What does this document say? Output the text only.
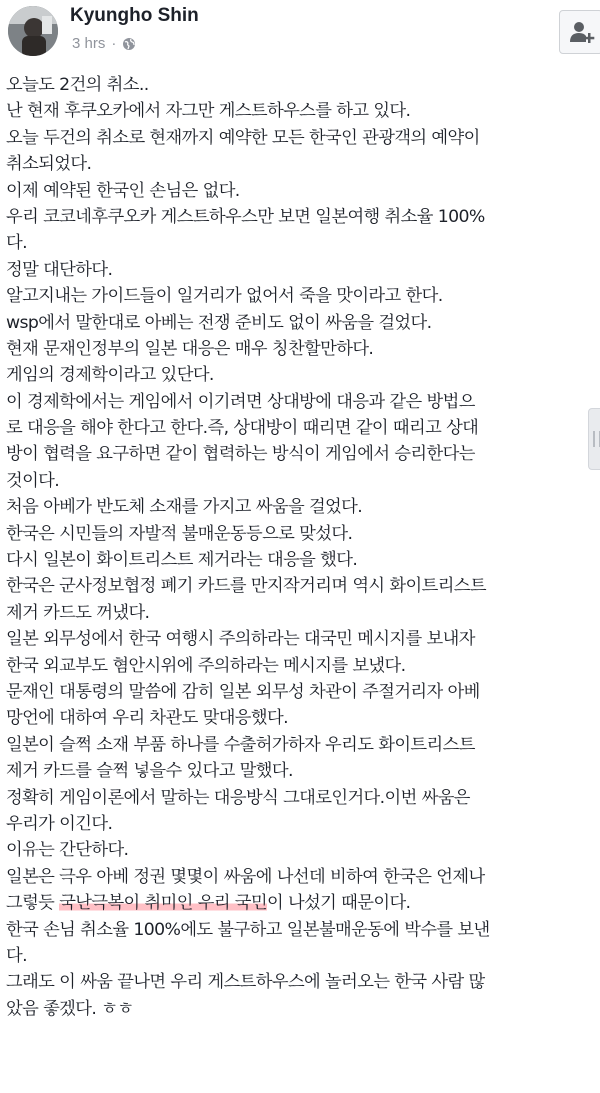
Kyungho Shin
3 hrs ·
오늘도 2건의 취소..
난 현재 후쿠오카에서 자그만 게스트하우스를 하고 있다.
오늘 두건의 취소로 현재까지 예약한 모든 한국인 관광객의 예약이
취소되었다.
이제 예약된 한국인 손님은 없다.
우리 코코네후쿠오카 게스트하우스만 보면 일본여행 취소율 100%
다.
정말 대단하다.
알고지내는 가이드들이 일거리가 없어서 죽을 맛이라고 한다.
wsp에서 말한대로 아베는 전쟁 준비도 없이 싸움을 걸었다.
현재 문재인정부의 일본 대응은 매우 칭찬할만하다.
게임의 경제학이라고 있단다.
이 경제학에서는 게임에서 이기려면 상대방에 대응과 같은 방법으
로 대응을 해야 한다고 한다.즉, 상대방이 때리면 같이 때리고 상대
방이 협력을 요구하면 같이 협력하는 방식이 게임에서 승리한다는
것이다.
처음 아베가 반도체 소재를 가지고 싸움을 걸었다.
한국은 시민들의 자발적 불매운동등으로 맞섰다.
다시 일본이 화이트리스트 제거라는 대응을 했다.
한국은 군사정보협정 폐기 카드를 만지작거리며 역시 화이트리스트
제거 카드도 꺼냈다.
일본 외무성에서 한국 여행시 주의하라는 대국민 메시지를 보내자
한국 외교부도 혐안시위에 주의하라는 메시지를 보냈다.
문재인 대통령의 말씀에 감히 일본 외무성 차관이 주절거리자 아베
망언에 대하여 우리 차관도 맞대응했다.
일본이 슬쩍 소재 부품 하나를 수출허가하자 우리도 화이트리스트
제거 카드를 슬쩍 넣을수 있다고 말했다.
정확히 게임이론에서 말하는 대응방식 그대로인거다.이번 싸움은
우리가 이긴다.
이유는 간단하다.
일본은 극우 아베 정권 몇몇이 싸움에 나선데 비하여 한국은 언제나
그렇듯 국난극복이 취미인 우리 국민이 나섰기 때문이다.
한국 손님 취소율 100%에도 불구하고 일본불매운동에 박수를 보낸
다.
그래도 이 싸움 끝나면 우리 게스트하우스에 놀러오는 한국 사람 많
았음 좋겠다. ㅎㅎ
